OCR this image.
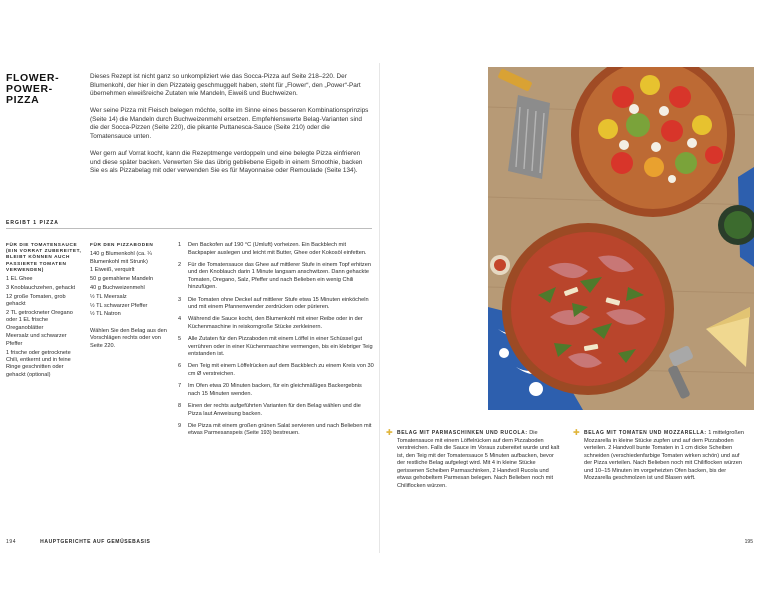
FLOWER-
POWER-
PIZZA

Dieses Rezept ist nicht ganz so unkompliziert wie das Socca-Pizza auf Seite 218–220. Der Blumenkohl, der hier in den Pizzateig geschmuggelt haben, steht für „Flower“, den „Power“-Part übernehmen eiweißreiche Zutaten wie Mandeln, Eiweiß und Buchweizen.

Wer seine Pizza mit Fleisch belegen möchte, sollte im Sinne eines besseren Kombinationsprinzips (Seite 14) die Mandeln durch Buchweizenmehl ersetzen. Empfehlenswerte Belag-Varianten sind die der Socca-Pizzen (Seite 220), die pikante Puttanesca-Sauce (Seite 210) oder die Tomatensauce unten.

Wer gern auf Vorrat kocht, kann die Rezeptmenge verdoppeln und eine belegte Pizza einfrieren und diese später backen. Verwerten Sie das übrig gebliebene Eigelb in einem Smoothie, backen Sie es als Pizzabelag mit oder verwenden Sie es für Mayonnaise oder Remoulade (Seite 134).

ERGIBT 1 PIZZA
FÜR DIE TOMATENSAUCE (EIN VORRAT ZUBEREITET, BLEIBT KÖNNEN AUCH PASSIERTE TOMATEN VERWENDEN)
1 EL Ghee
3 Knoblauchzehen, gehackt
12 große Tomaten, grob gehackt
2 TL getrockneter Oregano oder 1 EL frische Oreganoblätter
Meersalz und schwarzer Pfeffer
1 frische oder getrocknete Chili, entkernt und in feine Ringe geschnitten oder gehackt (optional)
FÜR DEN PIZZABODEN
140 g Blumenkohl (ca. ¼ Blumenkohl mit Strunk)
1 Eiweiß, verquirlt
50 g gemahlene Mandeln
40 g Buchweizenmehl
½ TL Meersalz
½ TL schwarzer Pfeffer
½ TL Natron
Wählen Sie den Belag aus den Vorschlägen rechts oder von Seite 220.
1	Den Backofen auf 190 °C (Umluft) vorheizen. Ein Backblech mit Backpapier auslegen und leicht mit Butter, Ghee oder Kokosöl einfetten.
2	Für die Tomatensauce das Ghee auf mittlerer Stufe in einem Topf erhitzen und den Knoblauch darin 1 Minute langsam anschwitzen. Dann gehackte Tomaten, Oregano, Salz, Pfeffer und nach Belieben ein wenig Chili hinzufügen.
3	Die Tomaten ohne Deckel auf mittlerer Stufe etwa 15 Minuten einköcheln und mit einem Pfannenwender zerdrücken oder pürieren.
4	Während die Sauce kocht, den Blumenkohl mit einer Reibe oder in der Küchenmaschine in reiskorngroße Stücke zerkleinern.
5	Alle Zutaten für den Pizzaboden mit einem Löffel in einer Schüssel gut verrühren oder in einer Küchenmaschine vermengen, bis ein klebriger Teig entstanden ist.
6	Den Teig mit einem Löffelrücken auf dem Backblech zu einem Kreis von 30 cm Ø verstreichen.
7	Im Ofen etwa 20 Minuten backen, für ein gleichmäßiges Backergebnis nach 15 Minuten wenden.
8	Einen der rechts aufgeführten Varianten für den Belag wählen und die Pizza laut Anweisung backen.
9	Die Pizza mit einem großen grünen Salat servieren und nach Belieben mit etwas Parmesanspeis (Seite 193) bestreuen.
194	HAUPTGERICHTE AUF GEMÜSEBASIS
✚ BELAG MIT PARMASCHINKEN UND RUCOLA: Die Tomatensauce mit einem Löffelrücken auf dem Pizzaboden verstreichen. Falls die Sauce im Voraus zubereitet wurde und kalt ist, den Teig mit der Tomatensauce 5 Minuten aufbacken, bevor der restliche Belag aufgelegt wird. Mit 4 in kleine Stücke gerissenen Scheiben Parmaschinken, 2 Handvoll Rucola und etwas gehobeltem Parmesan belegen. Nach Belieben noch mit Chiliflocken würzen.
✚ BELAG MIT TOMATEN UND MOZZARELLA: 1 mittelgroßen Mozzarella in kleine Stücke zupfen und auf dem Pizzaboden verteilen. 2 Handvoll bunte Tomaten in 1 cm dicke Scheiben schneiden (verschiedenfarbige Tomaten wirken schön) und auf der Pizza verteilen. Nach Belieben noch mit Chiliflocken würzen und 10–15 Minuten im vorgeheizten Ofen backen, bis der Mozzarella geschmolzen ist und Blasen wirft.
195
